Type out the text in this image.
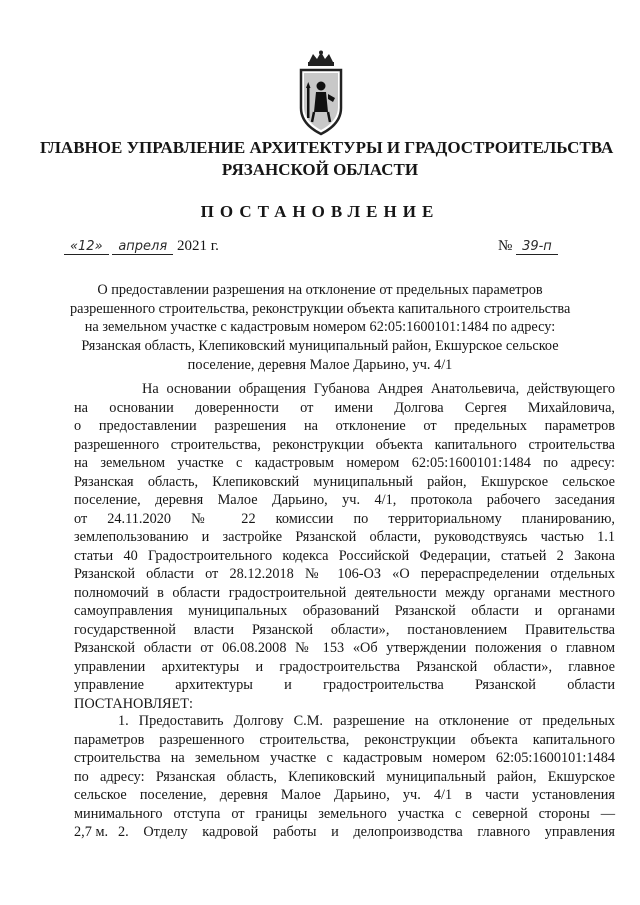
ГЛАВНОЕ УПРАВЛЕНИЕ АРХИТЕКТУРЫ И ГРАДОСТРОИТЕЛЬСТВА
РЯЗАНСКОЙ ОБЛАСТИ
ПОСТАНОВЛЕНИЕ
«12» апреля 2021 г.	№ 39-п
О предоставлении разрешения на отклонение от предельных параметров
разрешенного строительства, реконструкции объекта капитального строительства
на земельном участке с кадастровым номером 62:05:1600101:1484 по адресу:
Рязанская область, Клепиковский муниципальный район, Екшурское сельское
поселение, деревня Малое Дарьино, уч. 4/1
На основании обращения Губанова Андрея Анатольевича, действующего
на основании доверенности от имени Долгова Сергея Михайловича,
о предоставлении разрешения на отклонение от предельных параметров
разрешенного строительства, реконструкции объекта капитального строительства
на земельном участке с кадастровым номером 62:05:1600101:1484 по адресу:
Рязанская область, Клепиковский муниципальный район, Екшурское сельское
поселение, деревня Малое Дарьино, уч. 4/1, протокола рабочего заседания
от 24.11.2020 № 22 комиссии по территориальному планированию,
землепользованию и застройке Рязанской области, руководствуясь частью 1.1
статьи 40 Градостроительного кодекса Российской Федерации, статьей 2 Закона
Рязанской области от 28.12.2018 № 106-ОЗ «О перераспределении отдельных
полномочий в области градостроительной деятельности между органами местного
самоуправления муниципальных образований Рязанской области и органами
государственной власти Рязанской области», постановлением Правительства
Рязанской области от 06.08.2008 № 153 «Об утверждении положения о главном
управлении архитектуры и градостроительства Рязанской области», главное
управление архитектуры и градостроительства Рязанской области
ПОСТАНОВЛЯЕТ:
1. Предоставить Долгову С.М. разрешение на отклонение от предельных
параметров разрешенного строительства, реконструкции объекта капитального
строительства на земельном участке с кадастровым номером 62:05:1600101:1484
по адресу: Рязанская область, Клепиковский муниципальный район, Екшурское
сельское поселение, деревня Малое Дарьино, уч. 4/1 в части установления
минимального отступа от границы земельного участка с северной стороны —
2,7 м. 2. Отделу кадровой работы и делопроизводства главного управления
